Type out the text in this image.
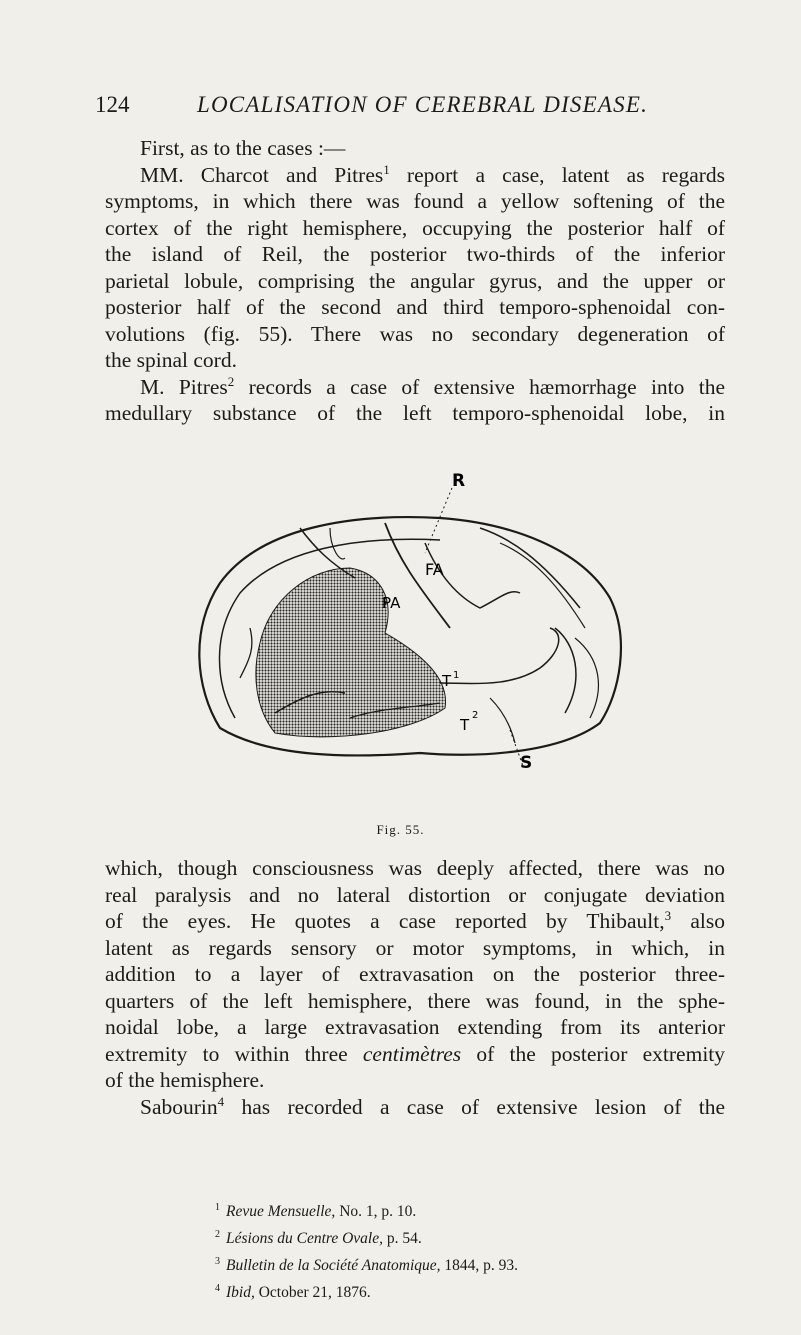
124	LOCALISATION OF CEREBRAL DISEASE.
First, as to the cases :—
MM. Charcot and Pitres$^1$ report a case, latent as regards
symptoms, in which there was found a yellow softening of the
cortex of the right hemisphere, occupying the posterior half of
the island of Reil, the posterior two-thirds of the inferior
parietal lobule, comprising the angular gyrus, and the upper or
posterior half of the second and third temporo-sphenoidal con-
volutions (fig. 55). There was no secondary degeneration of
the spinal cord.
M. Pitres$^2$ records a case of extensive hæmorrhage into the
medullary substance of the left temporo-sphenoidal lobe, in
R
FA
PA
T 1
T
2
S
Fig. 55.
which, though consciousness was deeply affected, there was no
real paralysis and no lateral distortion or conjugate deviation
of the eyes. He quotes a case reported by Thibault,$^3$ also
latent as regards sensory or motor symptoms, in which, in
addition to a layer of extravasation on the posterior three-
quarters of the left hemisphere, there was found, in the sphe-
noidal lobe, a large extravasation extending from its anterior
extremity to within three centimètres of the posterior extremity
of the hemisphere.
Sabourin$^4$ has recorded a case of extensive lesion of the
$^1$ Revue Mensuelle, No. 1, p. 10.
$^2$ Lésions du Centre Ovale, p. 54.
$^3$ Bulletin de la Société Anatomique, 1844, p. 93.
$^4$ Ibid, October 21, 1876.
